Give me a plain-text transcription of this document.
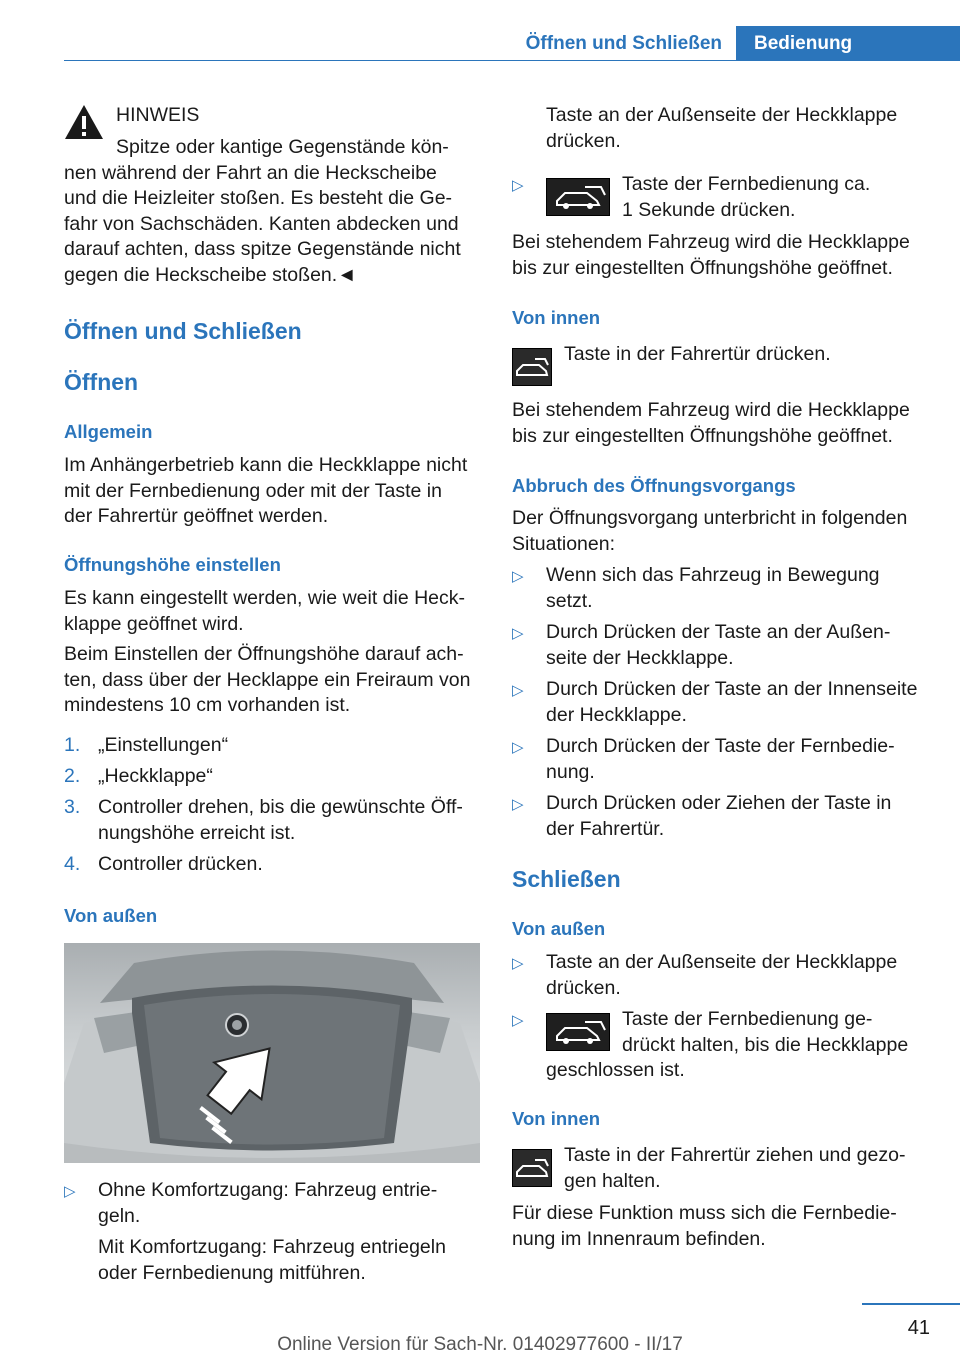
Öffnen und Schließen	Bedienung

HINWEIS

Spitze oder kantige Gegenstände kön-

nen während der Fahrt an die Heckscheibe

und die Heizleiter stoßen. Es besteht die Ge-

fahr von Sachschäden. Kanten abdecken und

darauf achten, dass spitze Gegenstände nicht

gegen die Heckscheibe stoßen.◄

Öffnen und Schließen

Öffnen

Allgemein

Im Anhängerbetrieb kann die Heckklappe nicht

mit der Fernbedienung oder mit der Taste in

der Fahrertür geöffnet werden.

Öffnungshöhe einstellen

Es kann eingestellt werden, wie weit die Heck-

klappe geöffnet wird.

Beim Einstellen der Öffnungshöhe darauf ach-

ten, dass über der Hecklappe ein Freiraum von

mindestens 10 cm vorhanden ist.

1. „Einstellungen“

2. „Heckklappe“

3. Controller drehen, bis die gewünschte Öff-

nungshöhe erreicht ist.

4. Controller drücken.

Von außen

▷ Ohne Komfortzugang: Fahrzeug entrie-

geln.

Mit Komfortzugang: Fahrzeug entriegeln

oder Fernbedienung mitführen.

Taste an der Außenseite der Heckklappe

drücken.

▷	Taste der Fernbedienung ca.

1 Sekunde drücken.

Bei stehendem Fahrzeug wird die Heckklappe

bis zur eingestellten Öffnungshöhe geöffnet.

Von innen

Taste in der Fahrertür drücken.

Bei stehendem Fahrzeug wird die Heckklappe

bis zur eingestellten Öffnungshöhe geöffnet.

Abbruch des Öffnungsvorgangs

Der Öffnungsvorgang unterbricht in folgenden

Situationen:

▷ Wenn sich das Fahrzeug in Bewegung

setzt.

▷ Durch Drücken der Taste an der Außen-

seite der Heckklappe.

▷ Durch Drücken der Taste an der Innenseite

der Heckklappe.

▷ Durch Drücken der Taste der Fernbedie-

nung.

▷ Durch Drücken oder Ziehen der Taste in

der Fahrertür.

Schließen

Von außen

▷ Taste an der Außenseite der Heckklappe

drücken.

▷	Taste der Fernbedienung ge-

drückt halten, bis die Heckklappe

geschlossen ist.

Von innen

Taste in der Fahrertür ziehen und gezo-

gen halten.

Für diese Funktion muss sich die Fernbedie-

nung im Innenraum befinden.

41
Online Version für Sach-Nr. 01402977600 - II/17
